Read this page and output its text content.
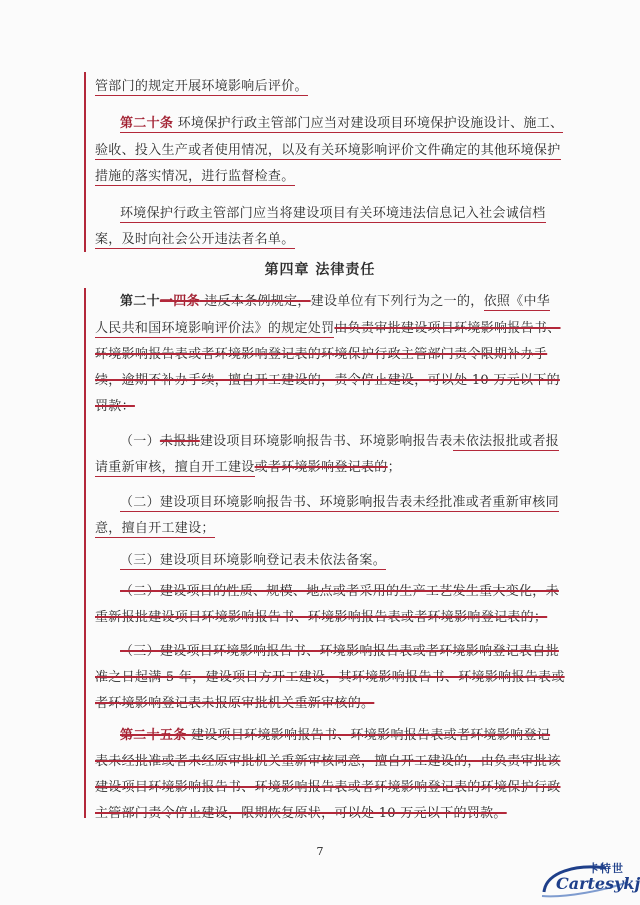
管部门的规定开展环境影响后评价。
第二十条 环境保护行政主管部门应当对建设项目环境保护设施设计、施工、
验收、投入生产或者使用情况，以及有关环境影响评价文件确定的其他环境保护
措施的落实情况，进行监督检查。
环境保护行政主管部门应当将建设项目有关环境违法信息记入社会诚信档
案，及时向社会公开违法者名单。
第四章 法律责任
第二十一四条 违反本条例规定，建设单位有下列行为之一的，依照《中华
人民共和国环境影响评价法》的规定处罚由负责审批建设项目环境影响报告书、
环境影响报告表或者环境影响登记表的环境保护行政主管部门责令限期补办手
续，逾期不补办手续，擅自开工建设的，责令停止建设，可以处 10 万元以下的
罚款：
（一）未报批建设项目环境影响报告书、环境影响报告表未依法报批或者报
请重新审核，擅自开工建设或者环境影响登记表的；
（二）建设项目环境影响报告书、环境影响报告表未经批准或者重新审核同
意，擅自开工建设；
（三）建设项目环境影响登记表未依法备案。
（二）建设项目的性质、规模、地点或者采用的生产工艺发生重大变化，未
重新报批建设项目环境影响报告书、环境影响报告表或者环境影响登记表的；
（三）建设项目环境影响报告书、环境影响报告表或者环境影响登记表自批
准之日起满 5 年，建设项目方开工建设，其环境影响报告书、环境影响报告表或
者环境影响登记表未报原审批机关重新审核的。
第二十五条 建设项目环境影响报告书、环境影响报告表或者环境影响登记
表未经批准或者未经原审批机关重新审核同意，擅自开工建设的，由负责审批该
建设项目环境影响报告书、环境影响报告表或者环境影响登记表的环境保护行政
主管部门责令停止建设，限期恢复原状，可以处 10 万元以下的罚款。
7
卡特世
Cartesykj
